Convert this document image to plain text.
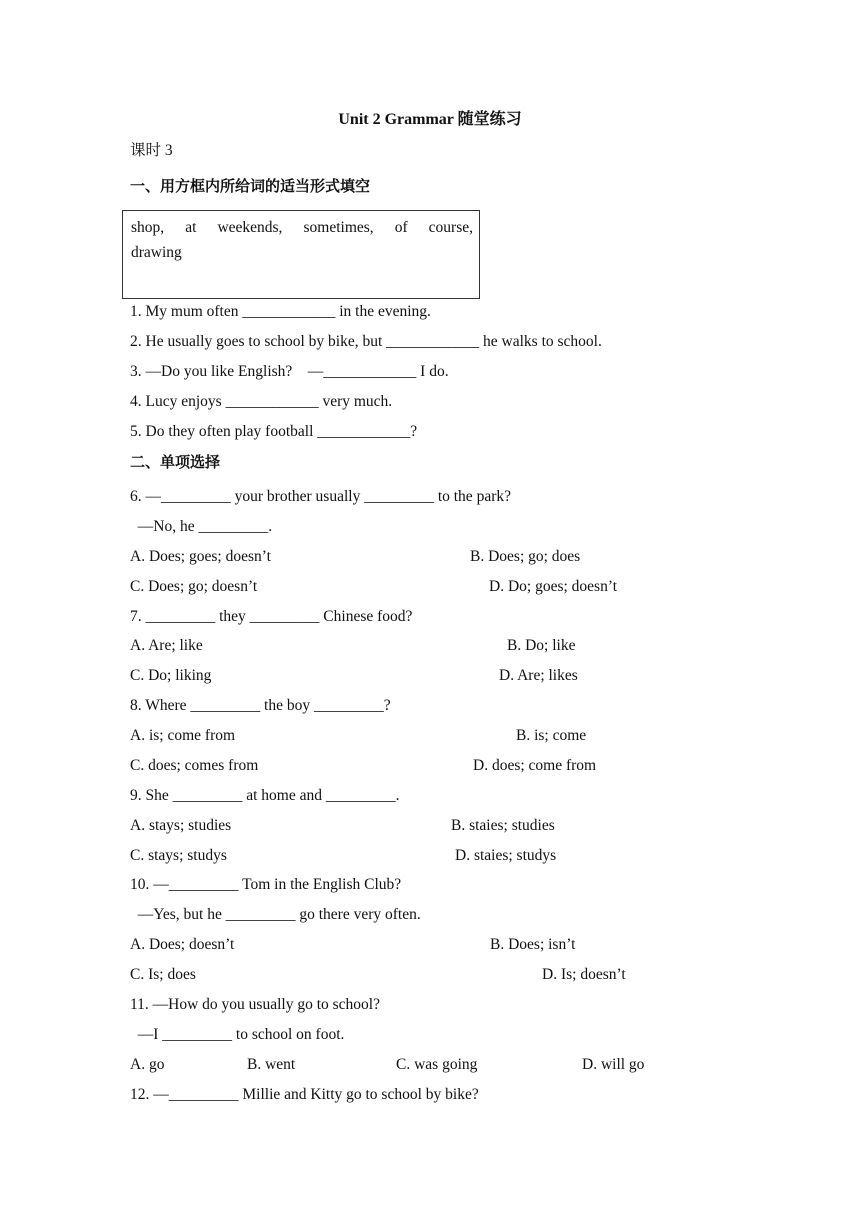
Unit 2 Grammar 随堂练习
课时 3
一、用方框内所给词的适当形式填空
shop, at weekends, sometimes, of course,
drawing
1. My mum often ____________ in the evening.
2. He usually goes to school by bike, but ____________ he walks to school.
3. —Do you like English?    —____________ I do.
4. Lucy enjoys ____________ very much.
5. Do they often play football ____________?
二、单项选择
6. —_________ your brother usually _________ to the park?
—No, he _________.
A. Does; goes; doesn’t	B. Does; go; does
C. Does; go; doesn’t	D. Do; goes; doesn’t
7. _________ they _________ Chinese food?
A. Are; like	B. Do; like
C. Do; liking	D. Are; likes
8. Where _________ the boy _________?
A. is; come from	B. is; come
C. does; comes from	D. does; come from
9. She _________ at home and _________.
A. stays; studies	B. staies; studies
C. stays; studys	D. staies; studys
10. —_________ Tom in the English Club?
—Yes, but he _________ go there very often.
A. Does; doesn’t	B. Does; isn’t
C. Is; does	D. Is; doesn’t
11. —How do you usually go to school?
—I _________ to school on foot.
A. go	B. went	C. was going	D. will go
12. —_________ Millie and Kitty go to school by bike?
